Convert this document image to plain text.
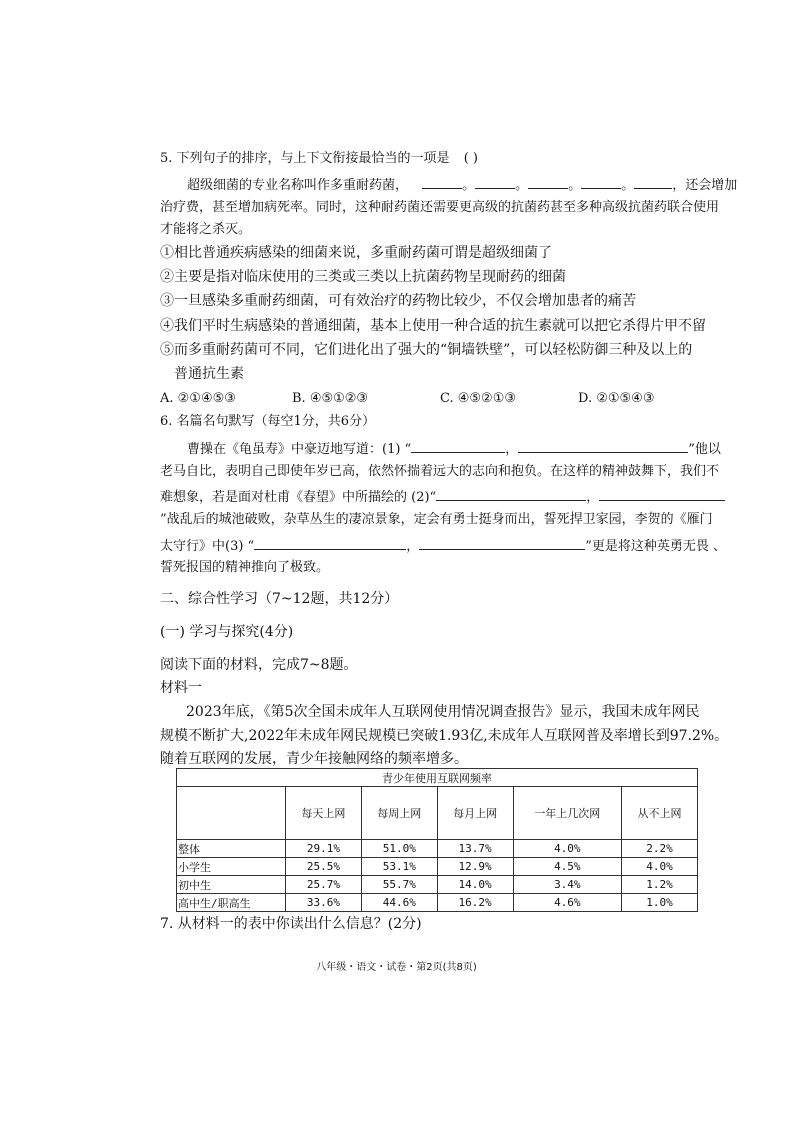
5. 下列句子的排序，与上下文衔接最恰当的一项是 ( )
超级细菌的专业名称叫作多重耐药菌，	。	。	。	。	，还会增加
治疗费，甚至增加病死率。同时，这种耐药菌还需要更高级的抗菌药甚至多种高级抗菌药联合使用
才能将之杀灭。
①相比普通疾病感染的细菌来说，多重耐药菌可谓是超级细菌了
②主要是指对临床使用的三类或三类以上抗菌药物呈现耐药的细菌
③一旦感染多重耐药细菌，可有效治疗的药物比较少，不仅会增加患者的痛苦
④我们平时生病感染的普通细菌，基本上使用一种合适的抗生素就可以把它杀得片甲不留
⑤而多重耐药菌可不同，它们进化出了强大的“铜墙铁壁”，可以轻松防御三种及以上的
普通抗生素
A. ②①④⑤③	B. ④⑤①②③	C. ④⑤②①③	D. ②①⑤④③
6. 名篇名句默写（每空1分，共6分）
曹操在《龟虽寿》中豪迈地写道：(1) “	，	”他以
老马自比，表明自己即使年岁已高，依然怀揣着远大的志向和抱负。在这样的精神鼓舞下，我们不
难想象，若是面对杜甫《春望》中所描绘的 (2)“	，
”战乱后的城池破败，杂草丛生的凄凉景象，定会有勇士挺身而出，誓死捍卫家园，李贺的《雁门
太守行》中(3) “	，	”更是将这种英勇无畏 、
誓死报国的精神推向了极致。
二、综合性学习（7~12题，共12分）
(一) 学习与探究(4分)
阅读下面的材料，完成7~8题。
材料一
2023年底，《第5次全国未成年人互联网使用情况调查报告》显示，我国未成年网民
规模不断扩大,2022年未成年网民规模已突破1.93亿,未成年人互联网普及率增长到97.2%。
随着互联网的发展，青少年接触网络的频率增多。
青少年使用互联网频率					
	每天上网	每周上网	每月上网	一年上几次网	从不上网
整体	29.1%	51.0%	13.7%	4.0%	2.2%
小学生	25.5%	53.1%	12.9%	4.5%	4.0%
初中生	25.7%	55.7%	14.0%	3.4%	1.2%
高中生/职高生	33.6%	44.6%	16.2%	4.6%	1.0%
7. 从材料一的表中你读出什么信息？(2分)
八年级・语文・试卷・第2页(共8页)
